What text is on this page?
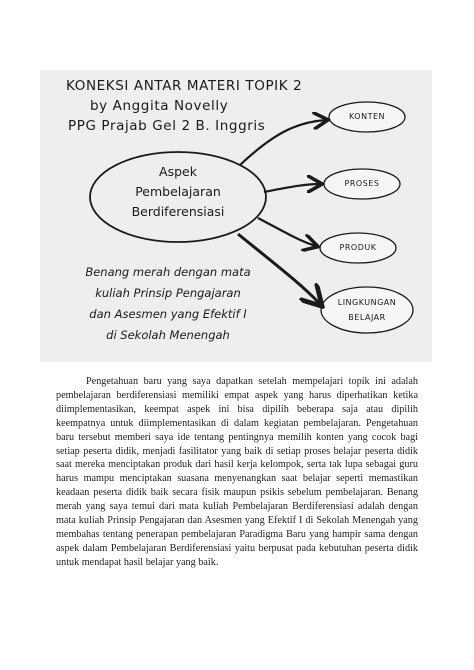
KONEKSI ANTAR MATERI TOPIK 2
by Anggita Novelly
PPG Prajab Gel 2 B. Inggris
Aspek
Pembelajaran
Berdiferensiasi
KONTEN
PROSES
PRODUK
LINGKUNGAN
BELAJAR
Benang merah dengan mata
kuliah Prinsip Pengajaran
dan Asesmen yang Efektif I
di Sekolah Menengah
Pengetahuan baru yang saya dapatkan setelah mempelajari topik ini adalah pembelajaran berdiferensiasi memiliki empat aspek yang harus diperhatikan ketika diimplementasikan, keempat aspek ini bisa dipilih beberapa saja atau dipilih keempatnya untuk diimplementasikan di dalam kegiatan pembelajaran. Pengetahuan baru tersebut memberi saya ide tentang pentingnya memilih konten yang cocok bagi setiap peserta didik, menjadi fasilitator yang baik di setiap proses belajar peserta didik saat mereka menciptakan produk dari hasil kerja kelompok, serta tak lupa sebagai guru harus mampu menciptakan suasana menyenangkan saat belajar seperti memastikan keadaan peserta didik baik secara fisik maupun psikis sebelum pembelajaran. Benang merah yang saya temui dari mata kuliah Pembelajaran Berdiferensiasi adalah dengan mata kuliah Prinsip Pengajaran dan Asesmen yang Efektif I di Sekolah Menengah yang membahas tentang penerapan pembelajaran Paradigma Baru yang hampir sama dengan aspek dalam Pembelajaran Berdiferensiasi yaitu berpusat pada kebutuhan peserta didik untuk mendapat hasil belajar yang baik.
